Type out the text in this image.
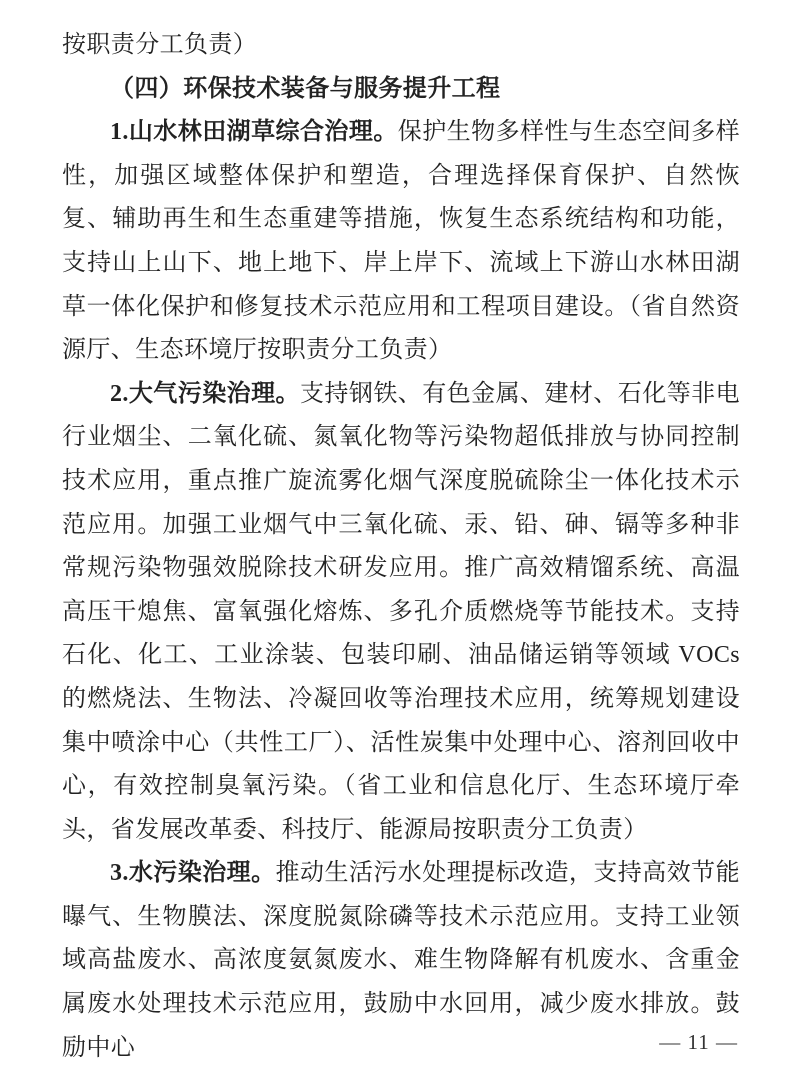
按职责分工负责）

（四）环保技术装备与服务提升工程

1.山水林田湖草综合治理。保护生物多样性与生态空间多样性，加强区域整体保护和塑造，合理选择保育保护、自然恢复、辅助再生和生态重建等措施，恢复生态系统结构和功能，支持山上山下、地上地下、岸上岸下、流域上下游山水林田湖草一体化保护和修复技术示范应用和工程项目建设。（省自然资源厅、生态环境厅按职责分工负责）

2.大气污染治理。支持钢铁、有色金属、建材、石化等非电行业烟尘、二氧化硫、氮氧化物等污染物超低排放与协同控制技术应用，重点推广旋流雾化烟气深度脱硫除尘一体化技术示范应用。加强工业烟气中三氧化硫、汞、铅、砷、镉等多种非常规污染物强效脱除技术研发应用。推广高效精馏系统、高温高压干熄焦、富氧强化熔炼、多孔介质燃烧等节能技术。支持石化、化工、工业涂装、包装印刷、油品储运销等领域 VOCs 的燃烧法、生物法、冷凝回收等治理技术应用，统筹规划建设集中喷涂中心（共性工厂）、活性炭集中处理中心、溶剂回收中心，有效控制臭氧污染。（省工业和信息化厅、生态环境厅牵头，省发展改革委、科技厅、能源局按职责分工负责）

3.水污染治理。推动生活污水处理提标改造，支持高效节能曝气、生物膜法、深度脱氮除磷等技术示范应用。支持工业领域高盐废水、高浓度氨氮废水、难生物降解有机废水、含重金属废水处理技术示范应用，鼓励中水回用，减少废水排放。鼓励中心	— 11 —
